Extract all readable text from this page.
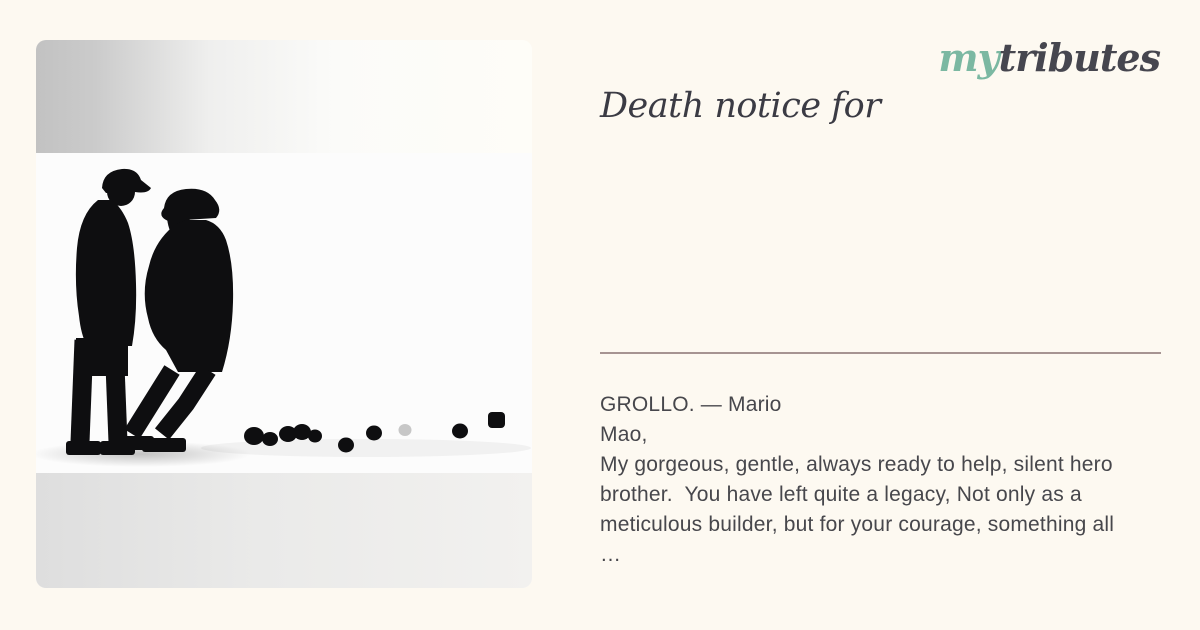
mytributes
Death notice for
GROLLO. — Mario
Mao,
My gorgeous, gentle, always ready to help, silent hero
brother.  You have left quite a legacy, Not only as a
meticulous builder, but for your courage, something all
…
